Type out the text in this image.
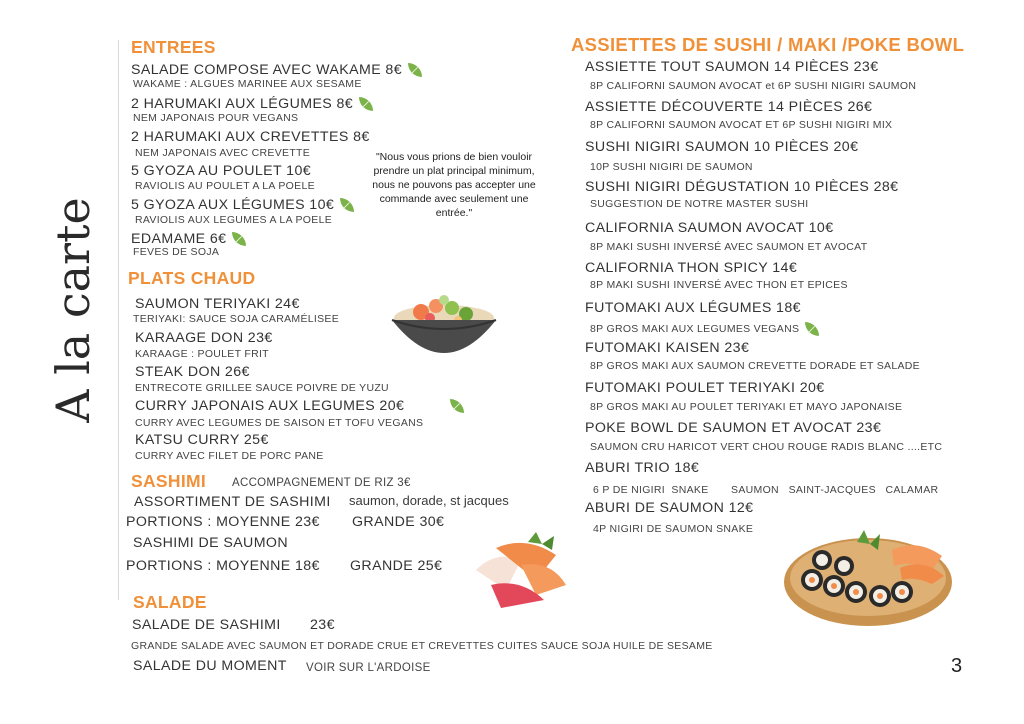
A la carte
ENTREES
SALADE COMPOSE AVEC WAKAME 8€
WAKAME : ALGUES MARINEE AUX SESAME
2 HARUMAKI AUX LÉGUMES 8€
NEM JAPONAIS POUR VEGANS
2 HARUMAKI AUX CREVETTES 8€
NEM JAPONAIS AVEC CREVETTE
5 GYOZA AU POULET 10€
RAVIOLIS AU POULET A LA POELE
5 GYOZA AUX LÉGUMES 10€
RAVIOLIS AUX LEGUMES A LA POELE
EDAMAME 6€
FEVES DE SOJA
"Nous vous prions de bien vouloir prendre un plat principal minimum, nous ne pouvons pas accepter une commande avec seulement une entrée."
PLATS CHAUD
SAUMON TERIYAKI 24€
TERIYAKI: SAUCE SOJA CARAMÉLISEE
KARAAGE DON 23€
KARAAGE : POULET FRIT
STEAK DON 26€
ENTRECOTE GRILLEE SAUCE POIVRE DE YUZU
CURRY JAPONAIS AUX LEGUMES 20€
CURRY AVEC LEGUMES DE SAISON ET TOFU VEGANS
KATSU CURRY 25€
CURRY AVEC FILET DE PORC PANE
SASHIMI ACCOMPAGNEMENT DE RIZ 3€
ASSORTIMENT DE SASHIMI saumon, dorade, st jacques
PORTIONS : MOYENNE 23€ GRANDE 30€
SASHIMI DE SAUMON
PORTIONS : MOYENNE 18€ GRANDE 25€
SALADE
SALADE DE SASHIMI 23€
GRANDE SALADE AVEC SAUMON ET DORADE CRUE ET CREVETTES CUITES SAUCE SOJA HUILE DE SESAME
SALADE DU MOMENT VOIR SUR L'ARDOISE
ASSIETTES DE SUSHI / MAKI /POKE BOWL
ASSIETTE TOUT SAUMON 14 PIÈCES 23€
8P CALIFORNI SAUMON AVOCAT et 6P SUSHI NIGIRI SAUMON
ASSIETTE DÉCOUVERTE 14 PIÈCES 26€
8P CALIFORNI SAUMON AVOCAT ET 6P SUSHI NIGIRI MIX
SUSHI NIGIRI SAUMON 10 PIÈCES 20€
10P SUSHI NIGIRI DE SAUMON
SUSHI NIGIRI DÉGUSTATION 10 PIÈCES 28€
SUGGESTION DE NOTRE MASTER SUSHI
CALIFORNIA SAUMON AVOCAT 10€
8P MAKI SUSHI INVERSÉ AVEC SAUMON ET AVOCAT
CALIFORNIA THON SPICY 14€
8P MAKI SUSHI INVERSÉ AVEC THON ET EPICES
FUTOMAKI AUX LÉGUMES 18€
8P GROS MAKI AUX LEGUMES VEGANS
FUTOMAKI KAISEN 23€
8P GROS MAKI AUX SAUMON CREVETTE DORADE ET SALADE
FUTOMAKI POULET TERIYAKI 20€
8P GROS MAKI AU POULET TERIYAKI ET MAYO JAPONAISE
POKE BOWL DE SAUMON ET AVOCAT 23€
SAUMON CRU HARICOT VERT CHOU ROUGE RADIS BLANC ....ETC
ABURI TRIO 18€
6 P DE NIGIRI  SNAKE       SAUMON   SAINT-JACQUES   CALAMAR
ABURI DE SAUMON 12€
4P NIGIRI DE SAUMON SNAKE
3
